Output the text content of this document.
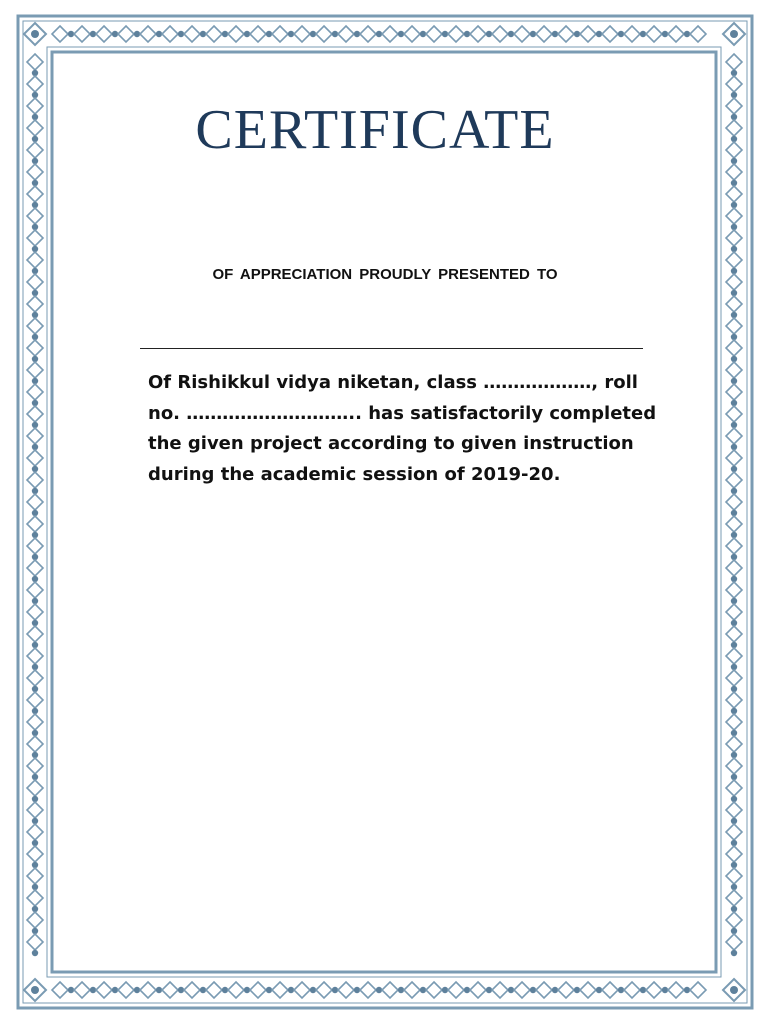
CERTIFICATE
OF APPRECIATION PROUDLY PRESENTED TO

Of Rishikkul vidya niketan, class ………………, roll
no. ……………………….. has satisfactorily completed
the given project according to given instruction
during the academic session of 2019-20.
